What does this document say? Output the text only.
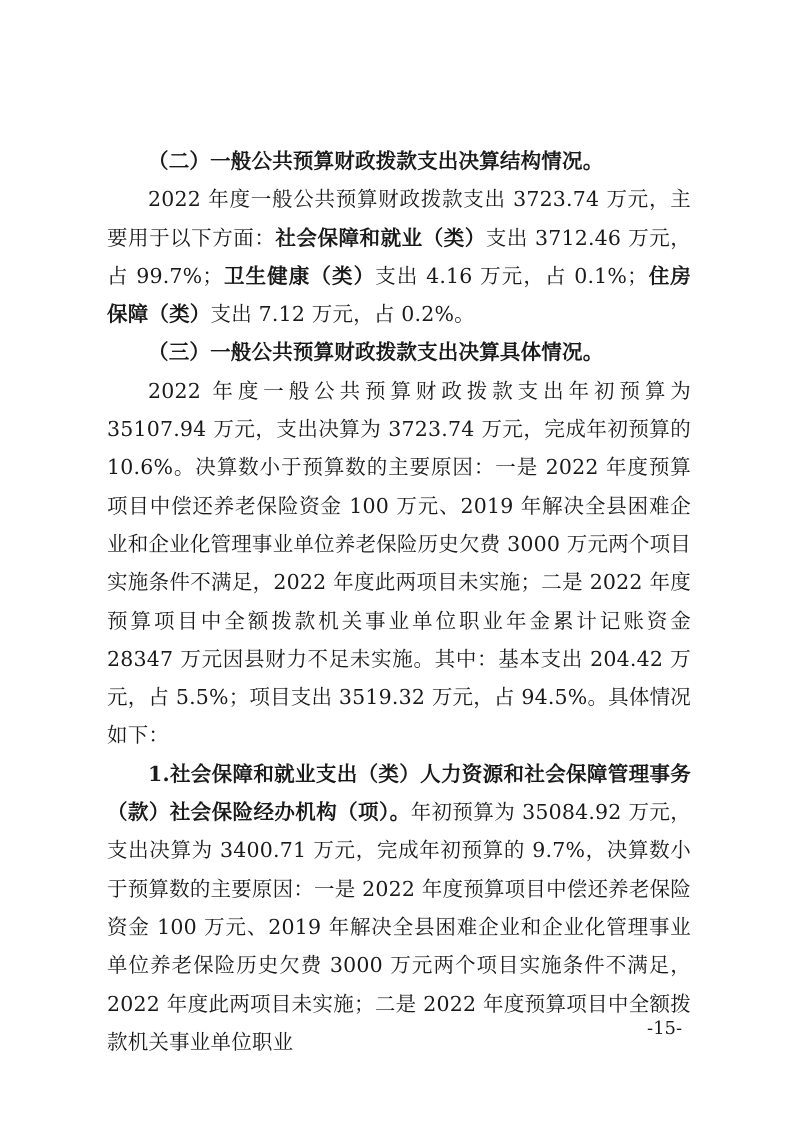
（二）一般公共预算财政拨款支出决算结构情况。

2022 年度一般公共预算财政拨款支出 3723.74 万元，主要用于以下方面：社会保障和就业（类）支出 3712.46 万元，占 99.7%；卫生健康（类）支出 4.16 万元，占 0.1%；住房保障（类）支出 7.12 万元，占 0.2%。

（三）一般公共预算财政拨款支出决算具体情况。

2022 年度一般公共预算财政拨款支出年初预算为 35107.94 万元，支出决算为 3723.74 万元，完成年初预算的 10.6%。决算数小于预算数的主要原因：一是 2022 年度预算项目中偿还养老保险资金 100 万元、2019 年解决全县困难企业和企业化管理事业单位养老保险历史欠费 3000 万元两个项目实施条件不满足，2022 年度此两项目未实施；二是 2022 年度预算项目中全额拨款机关事业单位职业年金累计记账资金 28347 万元因县财力不足未实施。其中：基本支出 204.42 万元，占 5.5%；项目支出 3519.32 万元，占 94.5%。具体情况如下：

1.社会保障和就业支出（类）人力资源和社会保障管理事务（款）社会保险经办机构（项）。年初预算为 35084.92 万元，支出决算为 3400.71 万元，完成年初预算的 9.7%，决算数小于预算数的主要原因：一是 2022 年度预算项目中偿还养老保险资金 100 万元、2019 年解决全县困难企业和企业化管理事业单位养老保险历史欠费 3000 万元两个项目实施条件不满足，2022 年度此两项目未实施；二是 2022 年度预算项目中全额拨款机关事业单位职业

-15-
